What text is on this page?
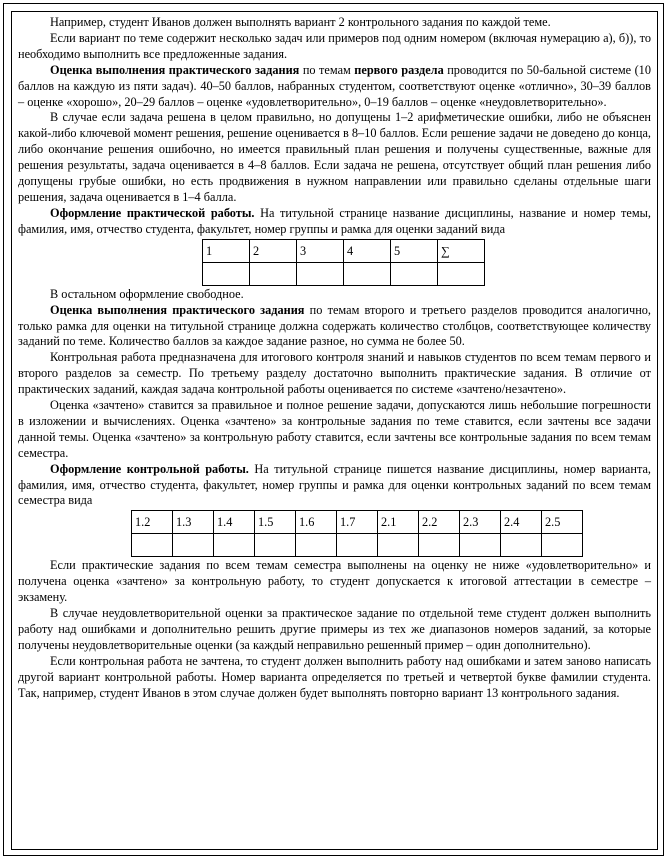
Например, студент Иванов должен выполнять вариант 2 контрольного задания по каждой теме.

Если вариант по теме содержит несколько задач или примеров под одним номером (включая нумерацию а), б)), то необходимо выполнить все предложенные задания.

Оценка выполнения практического задания по темам первого раздела проводится по 50-бальной системе (10 баллов на каждую из пяти задач). 40–50 баллов, набранных студентом, соответствуют оценке «отлично», 30–39 баллов – оценке «хорошо», 20–29 баллов – оценке «удовлетворительно», 0–19 баллов – оценке «неудовлетворительно».

В случае если задача решена в целом правильно, но допущены 1–2 арифметические ошибки, либо не объяснен какой-либо ключевой момент решения, решение оценивается в 8–10 баллов. Если решение задачи не доведено до конца, либо окончание решения ошибочно, но имеется правильный план решения и получены существенные, важные для решения результаты, задача оценивается в 4–8 баллов. Если задача не решена, отсутствует общий план решения либо допущены грубые ошибки, но есть продвижения в нужном направлении или правильно сделаны отдельные шаги решения, задача оценивается в 1–4 балла.

Оформление практической работы. На титульной странице название дисциплины, название и номер темы, фамилия, имя, отчество студента, факультет, номер группы и рамка для оценки заданий вида

1	2	3	4	5	∑

В остальном оформление свободное.

Оценка выполнения практического задания по темам второго и третьего разделов проводится аналогично, только рамка для оценки на титульной странице должна содержать количество столбцов, соответствующее количеству заданий по теме. Количество баллов за каждое задание разное, но сумма не более 50.

Контрольная работа предназначена для итогового контроля знаний и навыков студентов по всем темам первого и второго разделов за семестр. По третьему разделу достаточно выполнить практические задания. В отличие от практических заданий, каждая задача контрольной работы оценивается по системе «зачтено/незачтено».

Оценка «зачтено» ставится за правильное и полное решение задачи, допускаются лишь небольшие погрешности в изложении и вычислениях. Оценка «зачтено» за контрольные задания по теме ставится, если зачтены все задачи данной темы. Оценка «зачтено» за контрольную работу ставится, если зачтены все контрольные задания по всем темам семестра.

Оформление контрольной работы. На титульной странице пишется название дисциплины, номер варианта, фамилия, имя, отчество студента, факультет, номер группы и рамка для оценки контрольных заданий по всем темам семестра вида

1.2	1.3	1.4	1.5	1.6	1.7	2.1	2.2	2.3	2.4	2.5

Если практические задания по всем темам семестра выполнены на оценку не ниже «удовлетворительно» и получена оценка «зачтено» за контрольную работу, то студент допускается к итоговой аттестации в семестре – экзамену.

В случае неудовлетворительной оценки за практическое задание по отдельной теме студент должен выполнить работу над ошибками и дополнительно решить другие примеры из тех же диапазонов номеров заданий, за которые получены неудовлетворительные оценки (за каждый неправильно решенный пример – один дополнительно).

Если контрольная работа не зачтена, то студент должен выполнить работу над ошибками и затем заново написать другой вариант контрольной работы. Номер варианта определяется по третьей и четвертой букве фамилии студента. Так, например, студент Иванов в этом случае должен будет выполнять повторно вариант 13 контрольного задания.
